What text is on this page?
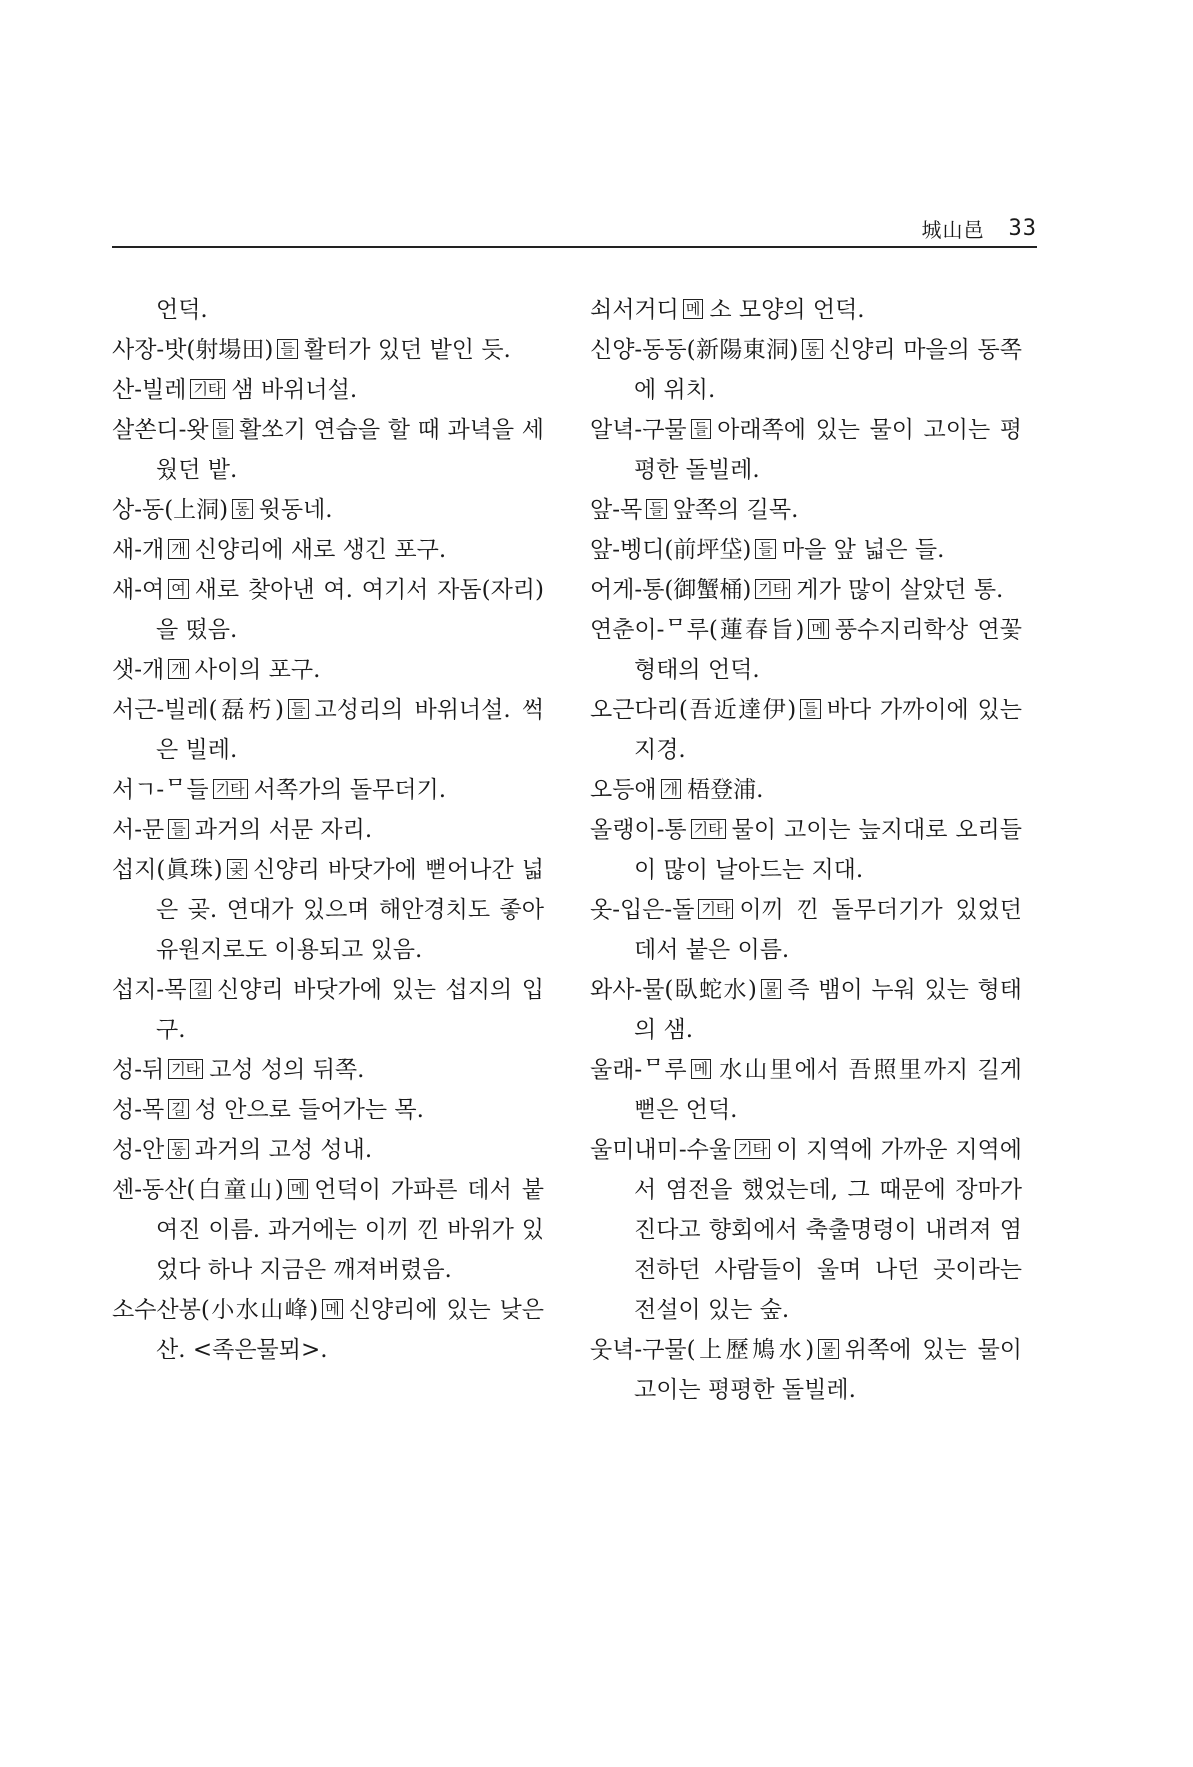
城山邑 33

언덕.

사장-밧(射場田) 들 활터가 있던 밭인 듯.

산-빌레 기타 샘 바위너설.

살쏜디-왓 들 활쏘기 연습을 할 때 과녁을 세웠던 밭.

상-동(上洞) 동 윗동네.

새-개 개 신양리에 새로 생긴 포구.

새-여 여 새로 찾아낸 여. 여기서 자돔(자리)을 떴음.

샛-개 개 사이의 포구.

서근-빌레(磊朽) 들 고성리의 바위너설. 썩은 빌레.

서ㄱ-ᄆ들 기타 서쪽가의 돌무더기.

서-문 들 과거의 서문 자리.

섭지(眞珠) 곶 신양리 바닷가에 뻗어나간 넓은 곶. 연대가 있으며 해안경치도 좋아 유원지로도 이용되고 있음.

섭지-목 길 신양리 바닷가에 있는 섭지의 입구.

성-뒤 기타 고성 성의 뒤쪽.

성-목 길 성 안으로 들어가는 목.

성-안 동 과거의 고성 성내.

센-동산(白童山) 메 언덕이 가파른 데서 붙여진 이름. 과거에는 이끼 낀 바위가 있었다 하나 지금은 깨져버렸음.

소수산봉(小水山峰) 메 신양리에 있는 낮은 산. <족은물뫼>.

쇠서거디 메 소 모양의 언덕.

신양-동동(新陽東洞) 동 신양리 마을의 동쪽에 위치.

알녁-구물 들 아래쪽에 있는 물이 고이는 평평한 돌빌레.

앞-목 들 앞쪽의 길목.

앞-벵디(前坪垈) 들 마을 앞 넓은 들.

어게-통(御蟹桶) 기타 게가 많이 살았던 통.

연춘이-ᄆ루(蓮春旨) 메 풍수지리학상 연꽃 형태의 언덕.

오근다리(吾近達伊) 들 바다 가까이에 있는 지경.

오등애 개 梧登浦.

올랭이-통 기타 물이 고이는 늪지대로 오리들이 많이 날아드는 지대.

옷-입은-돌 기타 이끼 낀 돌무더기가 있었던 데서 붙은 이름.

와사-물(臥蛇水) 물 즉 뱀이 누워 있는 형태의 샘.

울래-ᄆ루 메 水山里에서 吾照里까지 길게 뻗은 언덕.

울미내미-수울 기타 이 지역에 가까운 지역에서 염전을 했었는데, 그 때문에 장마가 진다고 향회에서 축출명령이 내려져 염전하던 사람들이 울며 나던 곳이라는 전설이 있는 숲.

웃녁-구물(上歷鳩水) 물 위쪽에 있는 물이 고이는 평평한 돌빌레.
